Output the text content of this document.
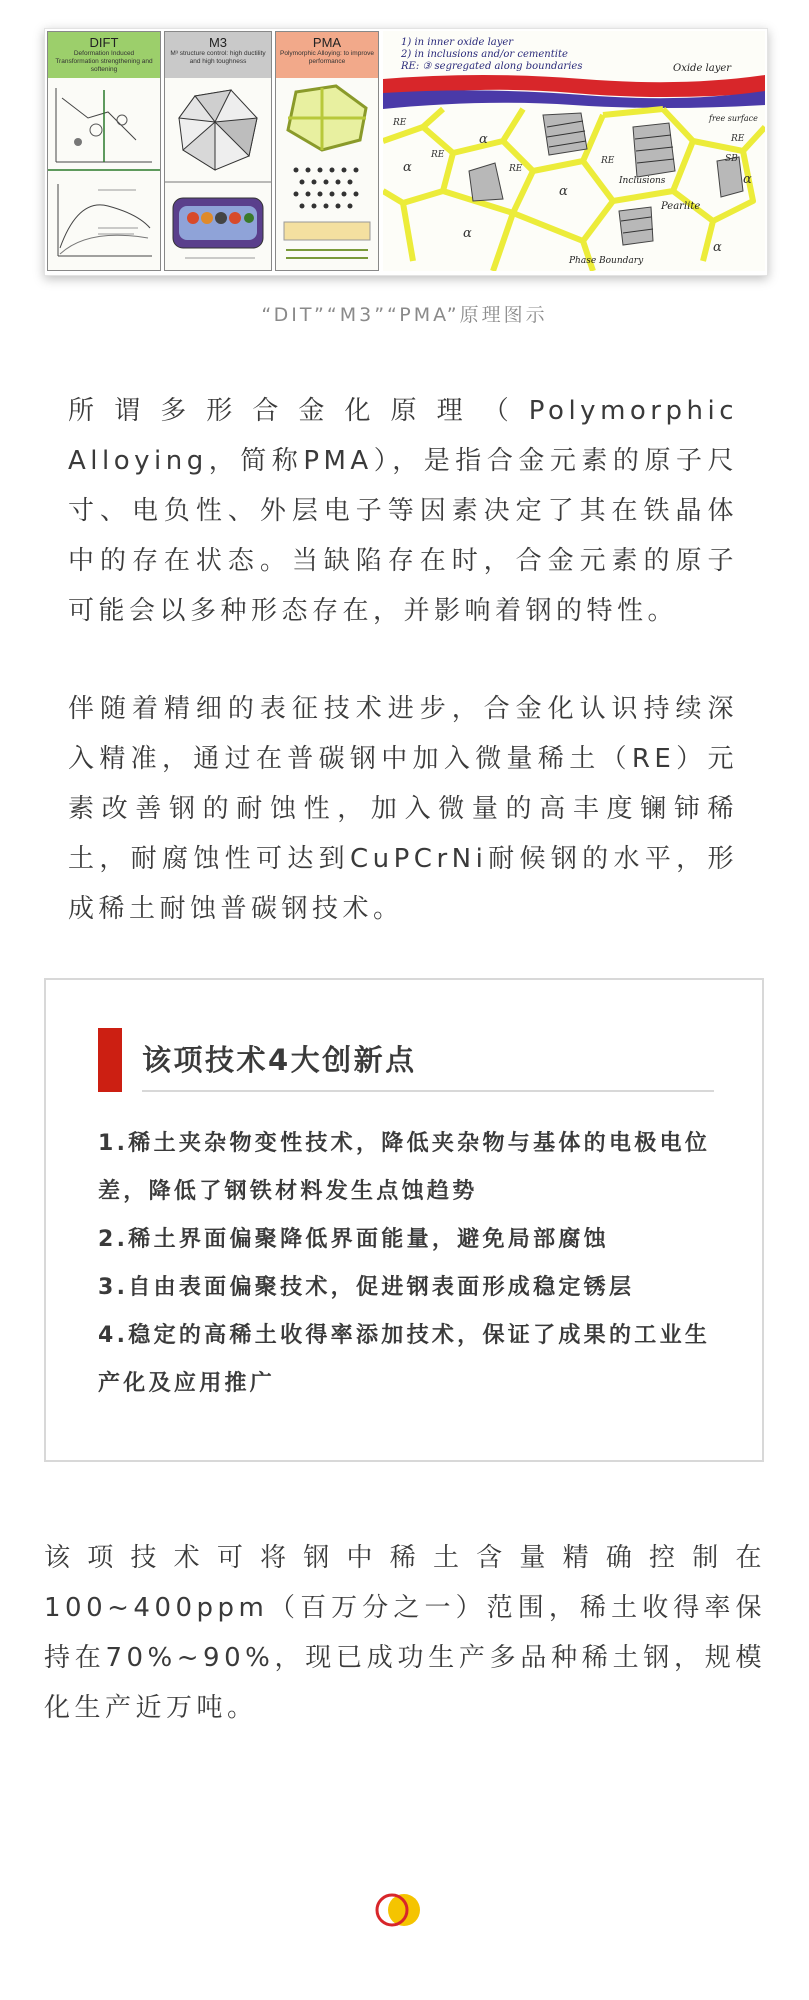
DIFT
Deformation Induced Transformation strengthening and softening
M3
M³ structure control: high ductility and high toughness
PMA
Polymorphic Alloying: to improve performance
1) in inner oxide layer
2) in inclusions and/or cementite
RE: ③ segregated along boundaries	Oxide layer
free surface
α
α
α
α
α
α
RE
RE
RE
RE
RE
SB
Inclusions
Pearlite
Phase Boundary
“DIT”“M3”“PMA”原理图示

所谓多形合金化原理（Polymorphic Alloying，简称PMA），是指合金元素的原子尺寸、电负性、外层电子等因素决定了其在铁晶体中的存在状态。当缺陷存在时，合金元素的原子可能会以多种形态存在，并影响着钢的特性。

伴随着精细的表征技术进步，合金化认识持续深入精准，通过在普碳钢中加入微量稀土（RE）元素改善钢的耐蚀性，加入微量的高丰度镧铈稀土，耐腐蚀性可达到CuPCrNi耐候钢的水平，形成稀土耐蚀普碳钢技术。

该项技术4大创新点
1.稀土夹杂物变性技术，降低夹杂物与基体的电极电位差，降低了钢铁材料发生点蚀趋势
2.稀土界面偏聚降低界面能量，避免局部腐蚀
3.自由表面偏聚技术，促进钢表面形成稳定锈层
4.稳定的高稀土收得率添加技术，保证了成果的工业生产化及应用推广

该项技术可将钢中稀土含量精确控制在100~400ppm（百万分之一）范围，稀土收得率保持在70%~90%，现已成功生产多品种稀土钢，规模化生产近万吨。
